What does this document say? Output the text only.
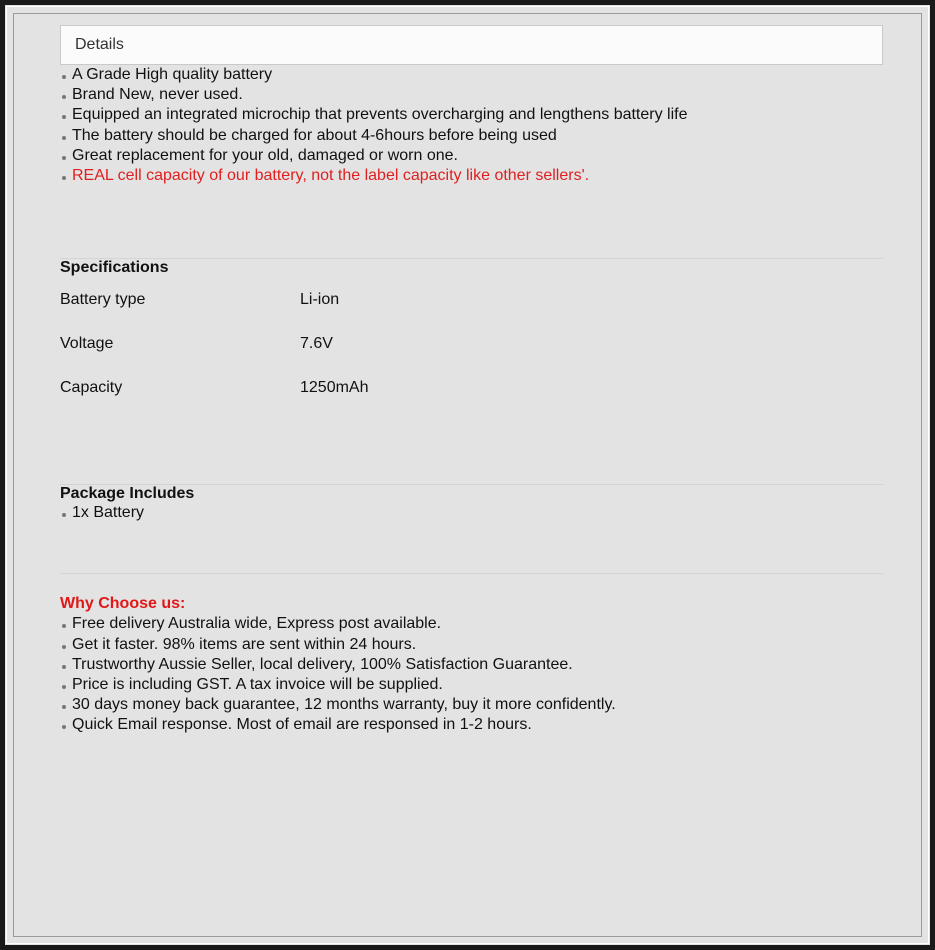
Details
A Grade High quality battery
Brand New, never used.
Equipped an integrated microchip that prevents overcharging and lengthens battery life
The battery should be charged for about 4-6hours before being used
Great replacement for your old, damaged or worn one.
REAL cell capacity of our battery, not the label capacity like other sellers'.
Specifications
Battery type	Li-ion
Voltage	7.6V
Capacity	1250mAh
Package Includes
1x Battery
Why Choose us:
Free delivery Australia wide, Express post available.
Get it faster. 98% items are sent within 24 hours.
Trustworthy Aussie Seller, local delivery, 100% Satisfaction Guarantee.
Price is including GST. A tax invoice will be supplied.
30 days money back guarantee, 12 months warranty, buy it more confidently.
Quick Email response. Most of email are responsed in 1-2 hours.
